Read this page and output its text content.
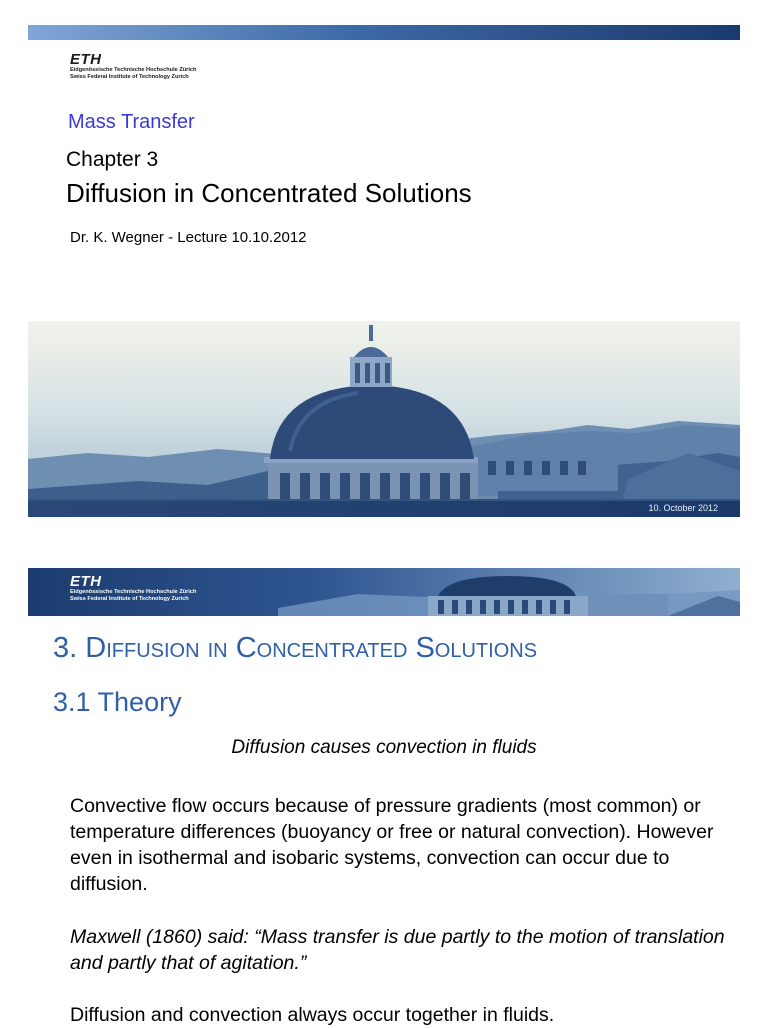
ETH
Eidgenössische Technische Hochschule Zürich
Swiss Federal Institute of Technology Zurich
Mass Transfer
Chapter 3
Diffusion in Concentrated Solutions
Dr. K. Wegner - Lecture 10.10.2012
10. October 2012
ETH
Eidgenössische Technische Hochschule Zürich
Swiss Federal Institute of Technology Zurich
3. Diffusion in Concentrated Solutions
3.1 Theory
Diffusion causes convection in fluids
Convective flow occurs because of pressure gradients (most common) or temperature differences (buoyancy or free or natural convection). However even in isothermal and isobaric systems, convection can occur due to diffusion.
Maxwell (1860) said: “Mass transfer is due partly to the motion of translation and partly that of agitation.”
Diffusion and convection always occur together in fluids.
